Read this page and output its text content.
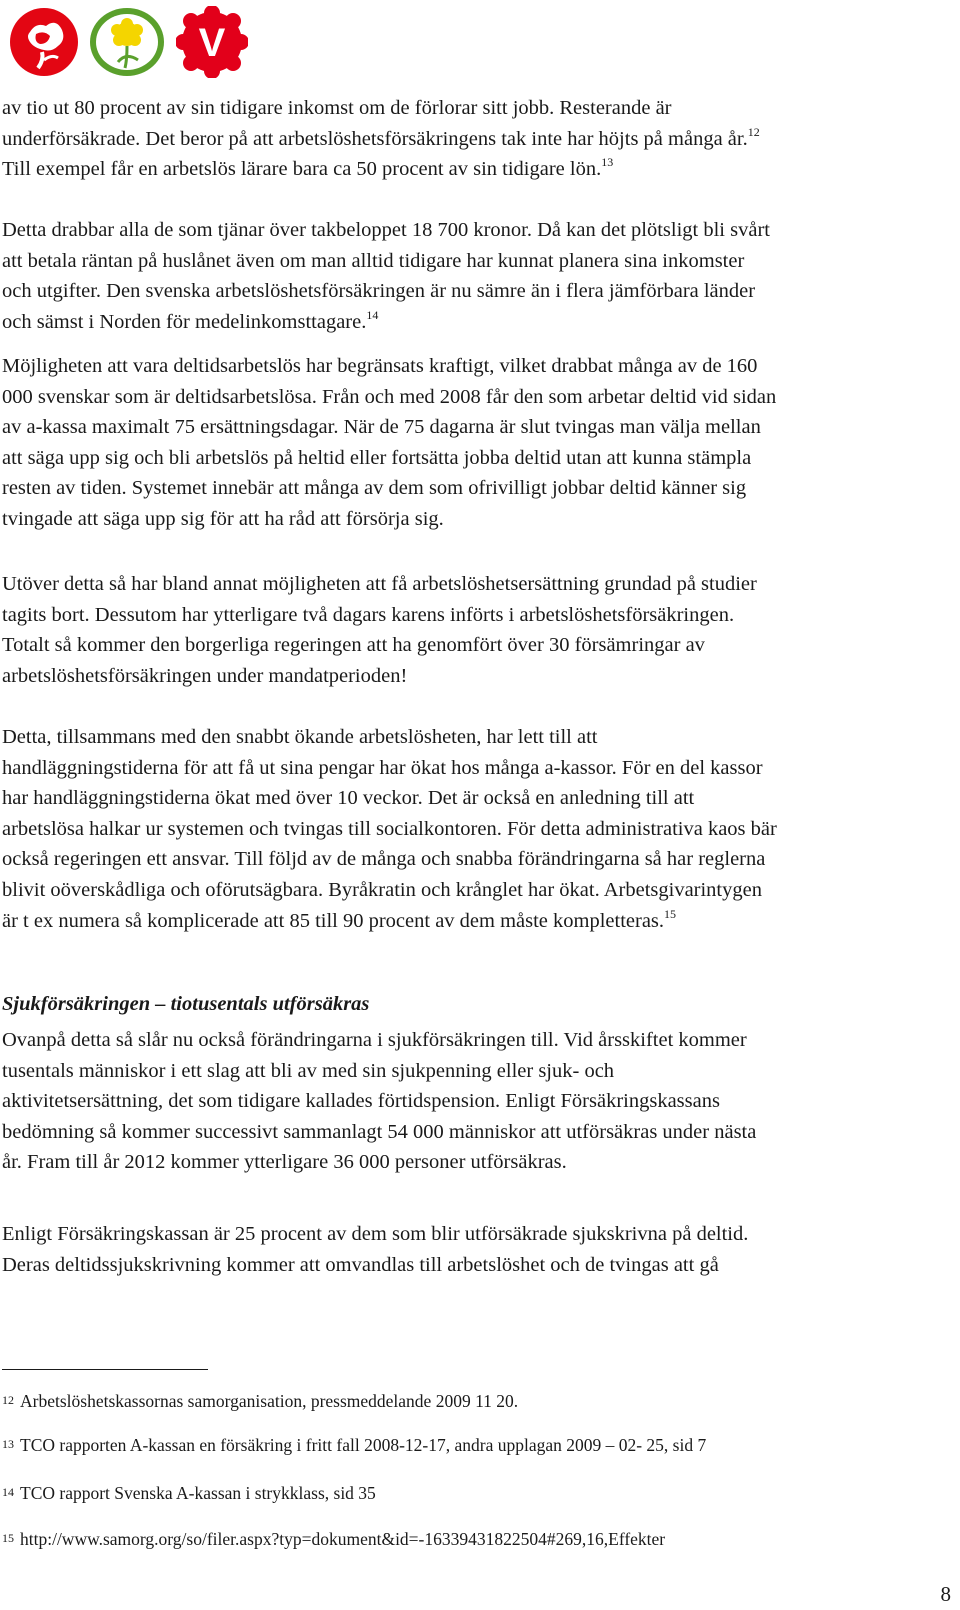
V

av tio ut 80 procent av sin tidigare inkomst om de förlorar sitt jobb. Resterande är
underförsäkrade. Det beror på att arbetslöshetsförsäkringens tak inte har höjts på många år.$^{12}$
Till exempel får en arbetslös lärare bara ca 50 procent av sin tidigare lön.$^{13}$

Detta drabbar alla de som tjänar över takbeloppet 18 700 kronor. Då kan det plötsligt bli svårt
att betala räntan på huslånet även om man alltid tidigare har kunnat planera sina inkomster
och utgifter. Den svenska arbetslöshetsförsäkringen är nu sämre än i flera jämförbara länder
och sämst i Norden för medelinkomsttagare.$^{14}$

Möjligheten att vara deltidsarbetslös har begränsats kraftigt, vilket drabbat många av de 160
000 svenskar som är deltidsarbetslösa. Från och med 2008 får den som arbetar deltid vid sidan
av a-kassa maximalt 75 ersättningsdagar. När de 75 dagarna är slut tvingas man välja mellan
att säga upp sig och bli arbetslös på heltid eller fortsätta jobba deltid utan att kunna stämpla
resten av tiden. Systemet innebär att många av dem som ofrivilligt jobbar deltid känner sig
tvingade att säga upp sig för att ha råd att försörja sig.

Utöver detta så har bland annat möjligheten att få arbetslöshetsersättning grundad på studier
tagits bort. Dessutom har ytterligare två dagars karens införts i arbetslöshetsförsäkringen.
Totalt så kommer den borgerliga regeringen att ha genomfört över 30 försämringar av
arbetslöshetsförsäkringen under mandatperioden!

Detta, tillsammans med den snabbt ökande arbetslösheten, har lett till att
handläggningstiderna för att få ut sina pengar har ökat hos många a-kassor. För en del kassor
har handläggningstiderna ökat med över 10 veckor. Det är också en anledning till att
arbetslösa halkar ur systemen och tvingas till socialkontoren. För detta administrativa kaos bär
också regeringen ett ansvar. Till följd av de många och snabba förändringarna så har reglerna
blivit oöverskådliga och oförutsägbara. Byråkratin och krånglet har ökat. Arbetsgivarintygen
är t ex numera så komplicerade att 85 till 90 procent av dem måste kompletteras.$^{15}$

Sjukförsäkringen – tiotusentals utförsäkras

Ovanpå detta så slår nu också förändringarna i sjukförsäkringen till. Vid årsskiftet kommer
tusentals människor i ett slag att bli av med sin sjukpenning eller sjuk- och
aktivitetsersättning, det som tidigare kallades förtidspension. Enligt Försäkringskassans
bedömning så kommer successivt sammanlagt 54 000 människor att utförsäkras under nästa
år. Fram till år 2012 kommer ytterligare 36 000 personer utförsäkras.

Enligt Försäkringskassan är 25 procent av dem som blir utförsäkrade sjukskrivna på deltid.
Deras deltidssjukskrivning kommer att omvandlas till arbetslöshet och de tvingas att gå

12 Arbetslöshetskassornas samorganisation, pressmeddelande 2009 11 20.
13 TCO rapporten A-kassan en försäkring i fritt fall 2008-12-17, andra upplagan 2009 – 02- 25, sid 7
14 TCO rapport Svenska A-kassan i strykklass, sid 35
15 http://www.samorg.org/so/filer.aspx?typ=dokument&id=-16339431822504#269,16,Effekter
8
